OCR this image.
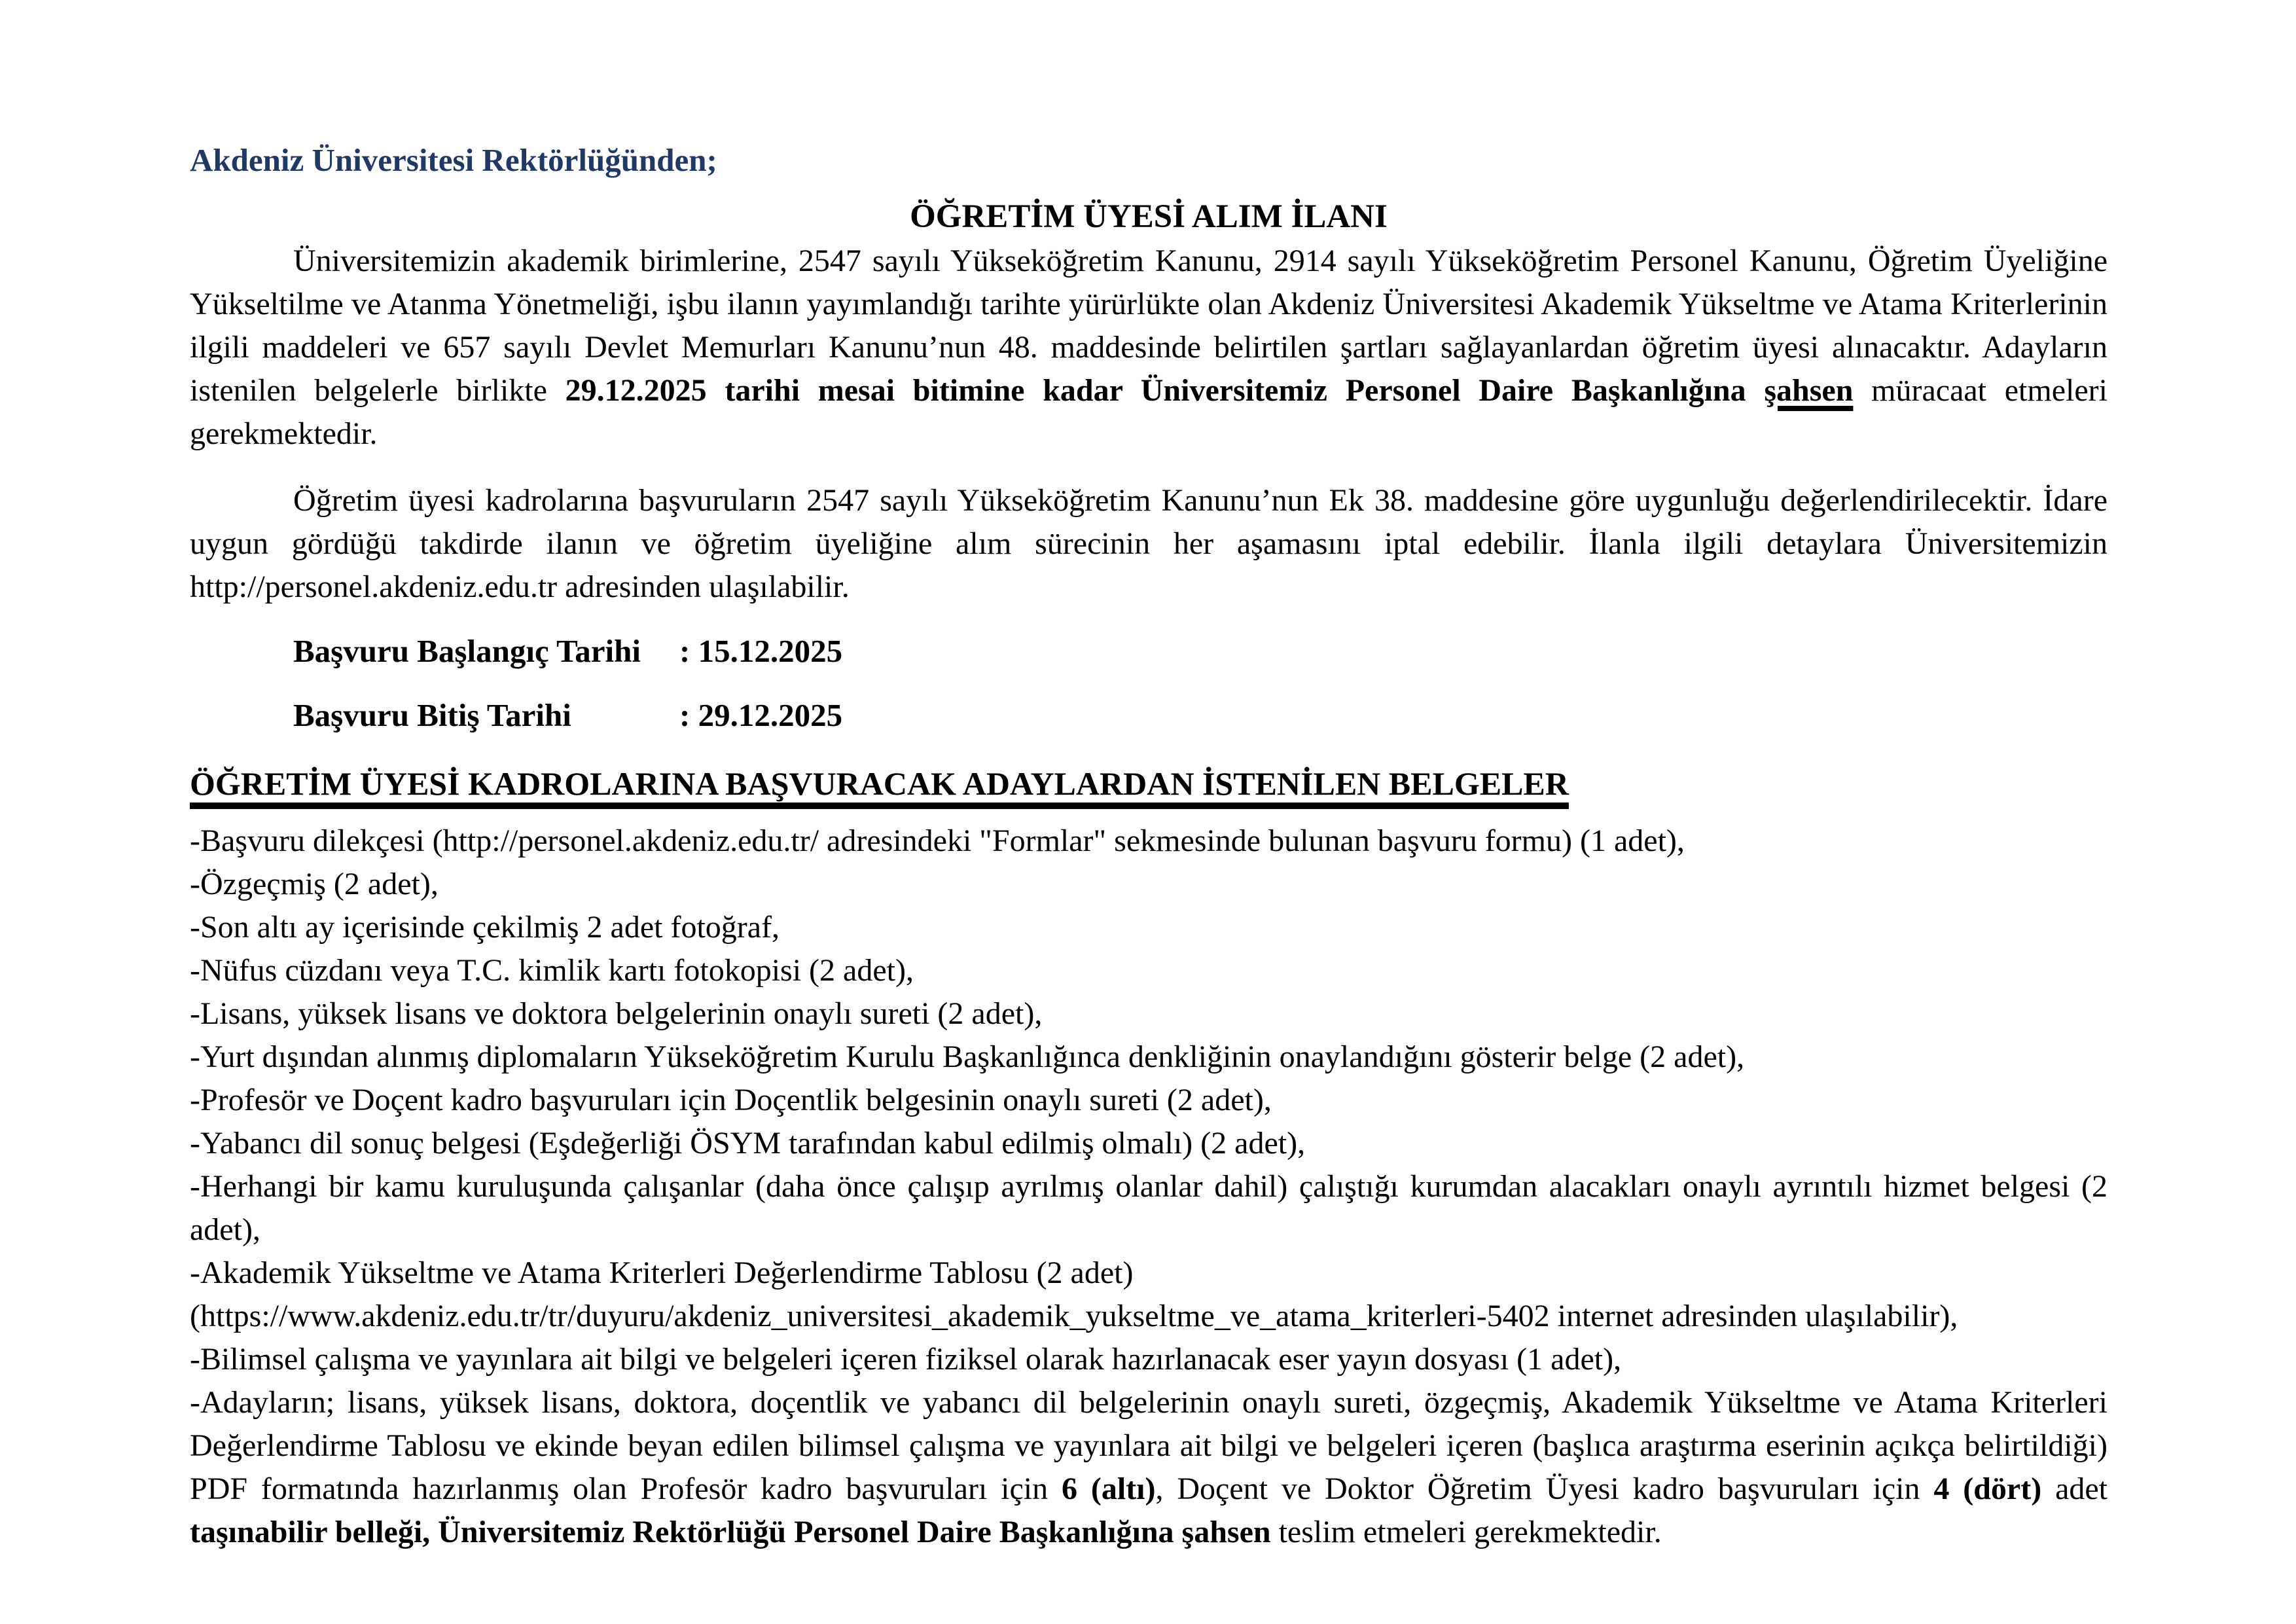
Akdeniz Üniversitesi Rektörlüğünden;

ÖĞRETİM ÜYESİ ALIM İLANI

Üniversitemizin akademik birimlerine, 2547 sayılı Yükseköğretim Kanunu, 2914 sayılı Yükseköğretim Personel Kanunu, Öğretim Üyeliğine Yükseltilme ve Atanma Yönetmeliği, işbu ilanın yayımlandığı tarihte yürürlükte olan Akdeniz Üniversitesi Akademik Yükseltme ve Atama Kriterlerinin ilgili maddeleri ve 657 sayılı Devlet Memurları Kanunu’nun 48. maddesinde belirtilen şartları sağlayanlardan öğretim üyesi alınacaktır. Adayların istenilen belgelerle birlikte 29.12.2025 tarihi mesai bitimine kadar Üniversitemiz Personel Daire Başkanlığına şahsen müracaat etmeleri gerekmektedir.

Öğretim üyesi kadrolarına başvuruların 2547 sayılı Yükseköğretim Kanunu’nun Ek 38. maddesine göre uygunluğu değerlendirilecektir. İdare uygun gördüğü takdirde ilanın ve öğretim üyeliğine alım sürecinin her aşamasını iptal edebilir. İlanla ilgili detaylara Üniversitemizin http://personel.akdeniz.edu.tr adresinden ulaşılabilir.

Başvuru Başlangıç Tarihi	: 15.12.2025
Başvuru Bitiş Tarihi	: 29.12.2025
ÖĞRETİM ÜYESİ KADROLARINA BAŞVURACAK ADAYLARDAN İSTENİLEN BELGELER

-Başvuru dilekçesi (http://personel.akdeniz.edu.tr/ adresindeki "Formlar" sekmesinde bulunan başvuru formu) (1 adet),

-Özgeçmiş (2 adet),

-Son altı ay içerisinde çekilmiş 2 adet fotoğraf,

-Nüfus cüzdanı veya T.C. kimlik kartı fotokopisi (2 adet),

-Lisans, yüksek lisans ve doktora belgelerinin onaylı sureti (2 adet),

-Yurt dışından alınmış diplomaların Yükseköğretim Kurulu Başkanlığınca denkliğinin onaylandığını gösterir belge (2 adet),

-Profesör ve Doçent kadro başvuruları için Doçentlik belgesinin onaylı sureti (2 adet),

-Yabancı dil sonuç belgesi (Eşdeğerliği ÖSYM tarafından kabul edilmiş olmalı) (2 adet),

-Herhangi bir kamu kuruluşunda çalışanlar (daha önce çalışıp ayrılmış olanlar dahil) çalıştığı kurumdan alacakları onaylı ayrıntılı hizmet belgesi (2 adet),

-Akademik Yükseltme ve Atama Kriterleri Değerlendirme Tablosu (2 adet)

(https://www.akdeniz.edu.tr/tr/duyuru/akdeniz_universitesi_akademik_yukseltme_ve_atama_kriterleri-5402 internet adresinden ulaşılabilir),

-Bilimsel çalışma ve yayınlara ait bilgi ve belgeleri içeren fiziksel olarak hazırlanacak eser yayın dosyası (1 adet),

-Adayların; lisans, yüksek lisans, doktora, doçentlik ve yabancı dil belgelerinin onaylı sureti, özgeçmiş, Akademik Yükseltme ve Atama Kriterleri Değerlendirme Tablosu ve ekinde beyan edilen bilimsel çalışma ve yayınlara ait bilgi ve belgeleri içeren (başlıca araştırma eserinin açıkça belirtildiği) PDF formatında hazırlanmış olan Profesör kadro başvuruları için 6 (altı), Doçent ve Doktor Öğretim Üyesi kadro başvuruları için 4 (dört) adet taşınabilir belleği, Üniversitemiz Rektörlüğü Personel Daire Başkanlığına şahsen teslim etmeleri gerekmektedir.
